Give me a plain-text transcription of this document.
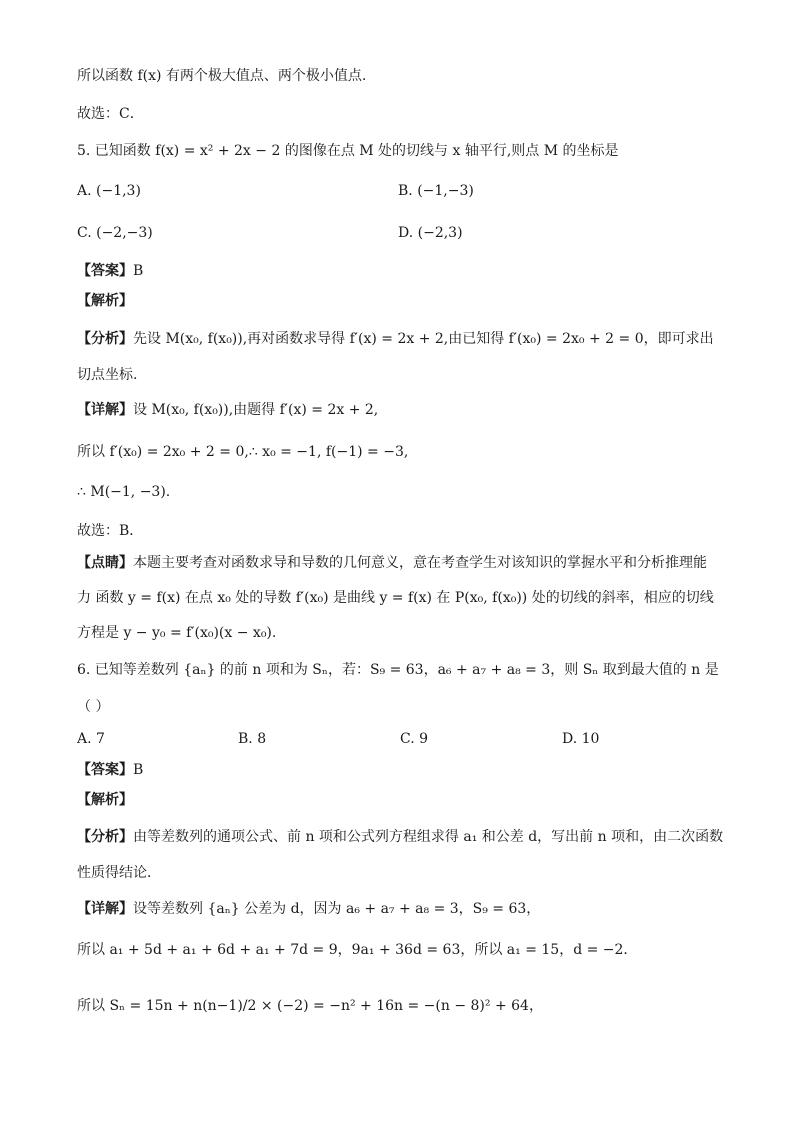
所以函数 f(x) 有两个极大值点、两个极小值点.
故选：C．
5. 已知函数 f(x) = x² + 2x − 2 的图像在点 M 处的切线与 x 轴平行,则点 M 的坐标是
A. (−1,3)	B. (−1,−3)
C. (−2,−3)	D. (−2,3)
【答案】B
【解析】
【分析】先设 M(x₀, f(x₀)),再对函数求导得 f′(x) = 2x + 2,由已知得 f′(x₀) = 2x₀ + 2 = 0，即可求出
切点坐标.
【详解】设 M(x₀, f(x₀)),由题得 f′(x) = 2x + 2,
所以 f′(x₀) = 2x₀ + 2 = 0,∴ x₀ = −1, f(−1) = −3,
∴ M(−1, −3).
故选：B．
【点睛】本题主要考查对函数求导和导数的几何意义，意在考查学生对该知识的掌握水平和分析推理能
力 函数 y = f(x) 在点 x₀ 处的导数 f′(x₀) 是曲线 y = f(x) 在 P(x₀, f(x₀)) 处的切线的斜率，相应的切线
方程是 y − y₀ = f′(x₀)(x − x₀).
6. 已知等差数列 {aₙ} 的前 n 项和为 Sₙ，若：S₉ = 63，a₆ + a₇ + a₈ = 3，则 Sₙ 取到最大值的 n 是
（ ）
A. 7	B. 8	C. 9	D. 10
【答案】B
【解析】
【分析】由等差数列的通项公式、前 n 项和公式列方程组求得 a₁ 和公差 d，写出前 n 项和，由二次函数
性质得结论．
【详解】设等差数列 {aₙ} 公差为 d，因为 a₆ + a₇ + a₈ = 3，S₉ = 63，
所以 a₁ + 5d + a₁ + 6d + a₁ + 7d = 9，9a₁ + 36d = 63，所以 a₁ = 15，d = −2．
所以 Sₙ = 15n + n(n−1)/2 × (−2) = −n² + 16n = −(n − 8)² + 64，
